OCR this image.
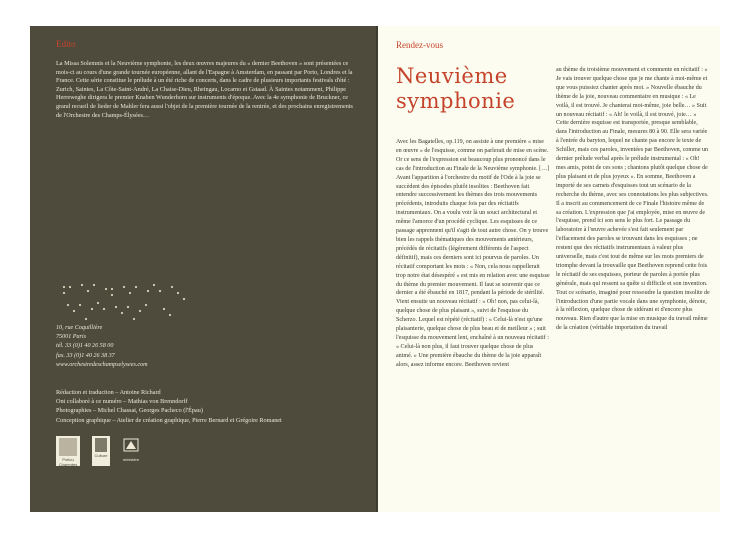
Edito

La Missa Solemnis et la Neuvième symphonie, les deux œuvres majeures du « dernier Beethoven » sont présentées ce mois-ci au cours d'une grande tournée européenne, allant de l'Espagne à Amsterdam, en passant par Porto, Londres et la France. Cette série constitue le prélude à un été riche de concerts, dans le cadre de plusieurs importants festivals d'été : Zurich, Saintes, La Côte-Saint-André, La Chaise-Dieu, Rheingau, Locarno et Gstaad. À Saintes notamment, Philippe Herreweghe dirigera le premier Knaben Wunderhorn sur instruments d'époque. Avec la 4e symphonie de Bruckner, ce grand recueil de lieder de Mahler fera aussi l'objet de la première tournée de la rentrée, et des prochains enregistrements de l'Orchestre des Champs-Élysées…

10, rue Coquillière
75001 Paris
tél. 33 (0)1 40 26 58 00
fax. 33 (0)1 40 26 38 37
www.orchestredeschampselysees.com
Rédaction et traduction – Antoine Richard
Ont collaboré à ce numéro – Mathias von Brenndorff
Photographies – Michel Chassat, Georges Pacheco (l'Épau)
Conception graphique – Atelier de création graphique, Pierre Bernard et Grégoire Romanet
Poitou Charentes
Culture
ministère
Rendez-vous
Neuvième
symphonie

Avec les Bagatelles, op.119, on assiste à une première « mise en œuvre » de l'esquisse, comme on parlerait de mise en scène. Or ce sens de l'expression est beaucoup plus prononcé dans le cas de l'introduction au Finale de la Neuvième symphonie. […] Avant l'apparition à l'orchestre du motif de l'Ode à la joie se succèdent des épisodes plutôt insolites : Beethoven fait entendre successivement les thèmes des trois mouvements précédents, introduits chaque fois par des récitatifs instrumentaux. On a voulu voir là un souci architectural et même l'amorce d'un procédé cyclique. Les esquisses de ce passage apprennent qu'il s'agit de tout autre chose. On y trouve bien les rappels thématiques des mouvements antérieurs, précédés de récitatifs (légèrement différents de l'aspect définitif), mais ces derniers sont ici pourvus de paroles. Un récitatif comportant les mots : « Non, cela nous rappellerait trop notre état désespéré » est mis en relation avec une esquisse du thème du premier mouvement. Il faut se souvenir que ce dernier a été ébauché en 1817, pendant la période de stérilité. Vient ensuite un nouveau récitatif : « Oh! non, pas celui-là, quelque chose de plus plaisant », suivi de l'esquisse du Scherzo. Lequel est répété (récitatif) : « Celui-là n'est qu'une plaisanterie, quelque chose de plus beau et de meilleur » ; suit l'esquisse du mouvement lent, enchaîné à un nouveau récitatif : « Celui-là non plus, il faut trouver quelque chose de plus animé. » Une première ébauche du thème de la joie apparaît alors, assez informe encore. Beethoven revient

au thème du troisième mouvement et commente en récitatif : « Je vais trouver quelque chose que je me chante à moi-même et que vous puissiez chanter après moi. » Nouvelle ébauche du thème de la joie, nouveau commentaire en musique : « Le voilà, il est trouvé. Je chanterai moi-même, joie belle… » Suit un nouveau récitatif : « Ah! le voilà, il est trouvé, joie… » Cette dernière esquisse est transportée, presque semblable, dans l'introduction au Finale, mesures 80 à 90. Elle sera variée à l'entrée du baryton, lequel ne chante pas encore le texte de Schiller, mais ces paroles, inventées par Beethoven, comme un dernier prélude verbal après le prélude instrumental : « Oh! mes amis, point de ces sons ; chantons plutôt quelque chose de plus plaisant et de plus joyeux ». En somme, Beethoven a importé de ses carnets d'esquisses tout un scénario de la recherche du thème, avec ses connotations les plus subjectives. Il a inscrit au commencement de ce Finale l'histoire même de sa création. L'expression que j'ai employée, mise en œuvre de l'esquisse, prend ici son sens le plus fort. Le passage du laboratoire à l'œuvre achevée s'est fait seulement par l'effacement des paroles se trouvant dans les esquisses ; ne restent que des récitatifs instrumentaux à valeur plus universelle, mais c'est tout de même sur les mots premiers de triomphe devant la trouvaille que Beethoven reprend cette fois le récitatif de ses esquisses, porteur de paroles à portée plus générale, mais qui ressent sa quête si difficile et son invention. Tout ce scénario, imaginé pour ressoudre la question insolite de l'introduction d'une partie vocale dans une symphonie, dénote, à la réflexion, quelque chose de sidérant et d'encore plus nouveau. Rien d'autre que la mise en musique du travail même de la création (véritable importation du travail
